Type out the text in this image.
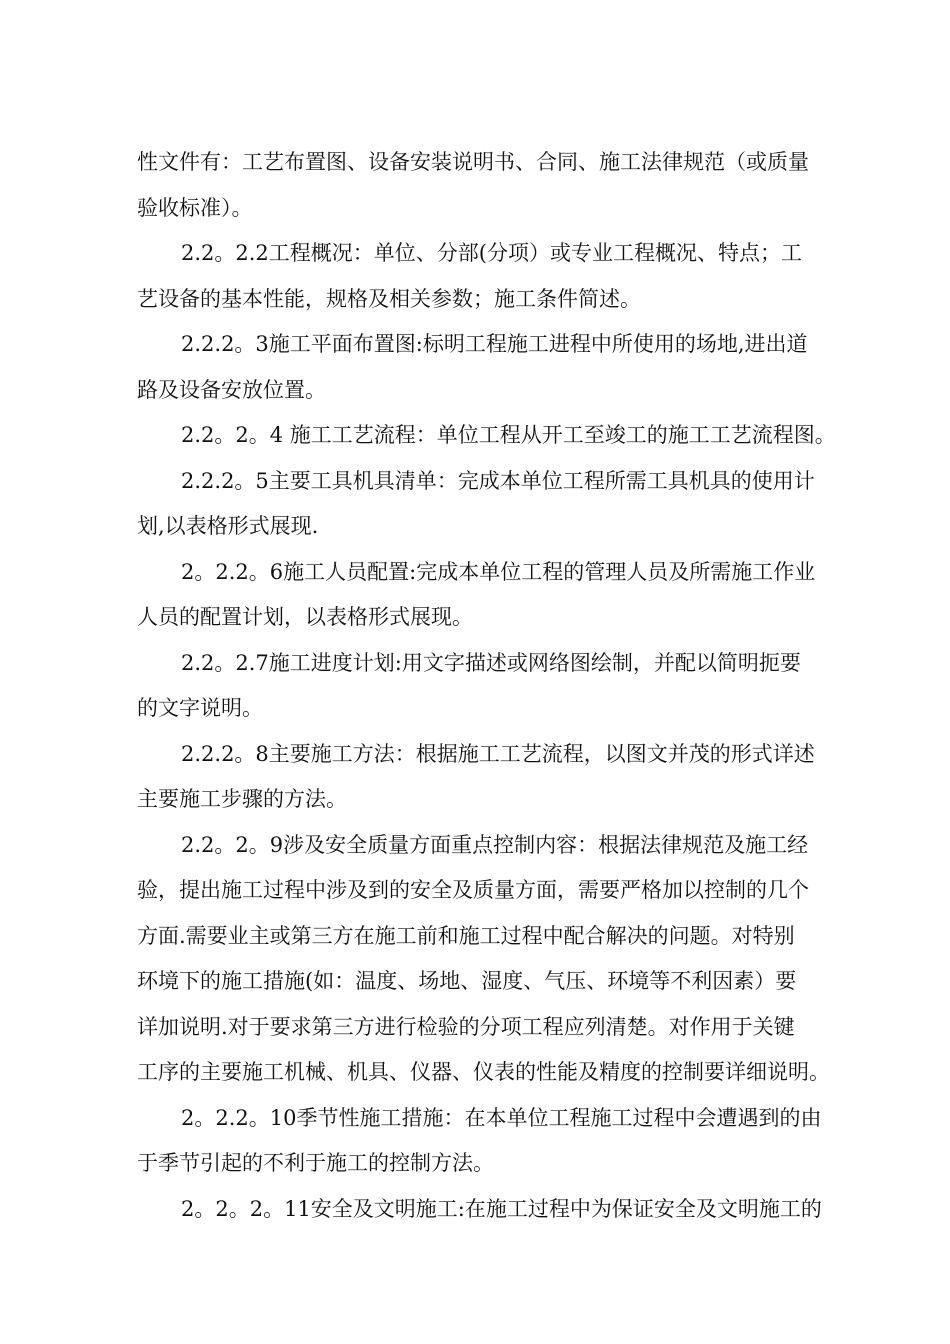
性文件有：工艺布置图、设备安装说明书、合同、施工法律规范（或质量
验收标准）。
2.2。2.2工程概况：单位、分部(分项）或专业工程概况、特点；工
艺设备的基本性能，规格及相关参数；施工条件简述。
2.2.2。3施工平面布置图:标明工程施工进程中所使用的场地,进出道
路及设备安放位置。
2.2。2。4 施工工艺流程：单位工程从开工至竣工的施工工艺流程图。
2.2.2。5主要工具机具清单：完成本单位工程所需工具机具的使用计
划,以表格形式展现.
2。2.2。6施工人员配置:完成本单位工程的管理人员及所需施工作业
人员的配置计划，以表格形式展现。
2.2。2.7施工进度计划:用文字描述或网络图绘制，并配以简明扼要
的文字说明。
2.2.2。8主要施工方法：根据施工工艺流程，以图文并茂的形式详述
主要施工步骤的方法。
2.2。2。9涉及安全质量方面重点控制内容：根据法律规范及施工经
验，提出施工过程中涉及到的安全及质量方面，需要严格加以控制的几个
方面.需要业主或第三方在施工前和施工过程中配合解决的问题。对特别
环境下的施工措施(如：温度、场地、湿度、气压、环境等不利因素）要
详加说明.对于要求第三方进行检验的分项工程应列清楚。对作用于关键
工序的主要施工机械、机具、仪器、仪表的性能及精度的控制要详细说明。
2。2.2。10季节性施工措施：在本单位工程施工过程中会遭遇到的由
于季节引起的不利于施工的控制方法。
2。2。2。11安全及文明施工:在施工过程中为保证安全及文明施工的
